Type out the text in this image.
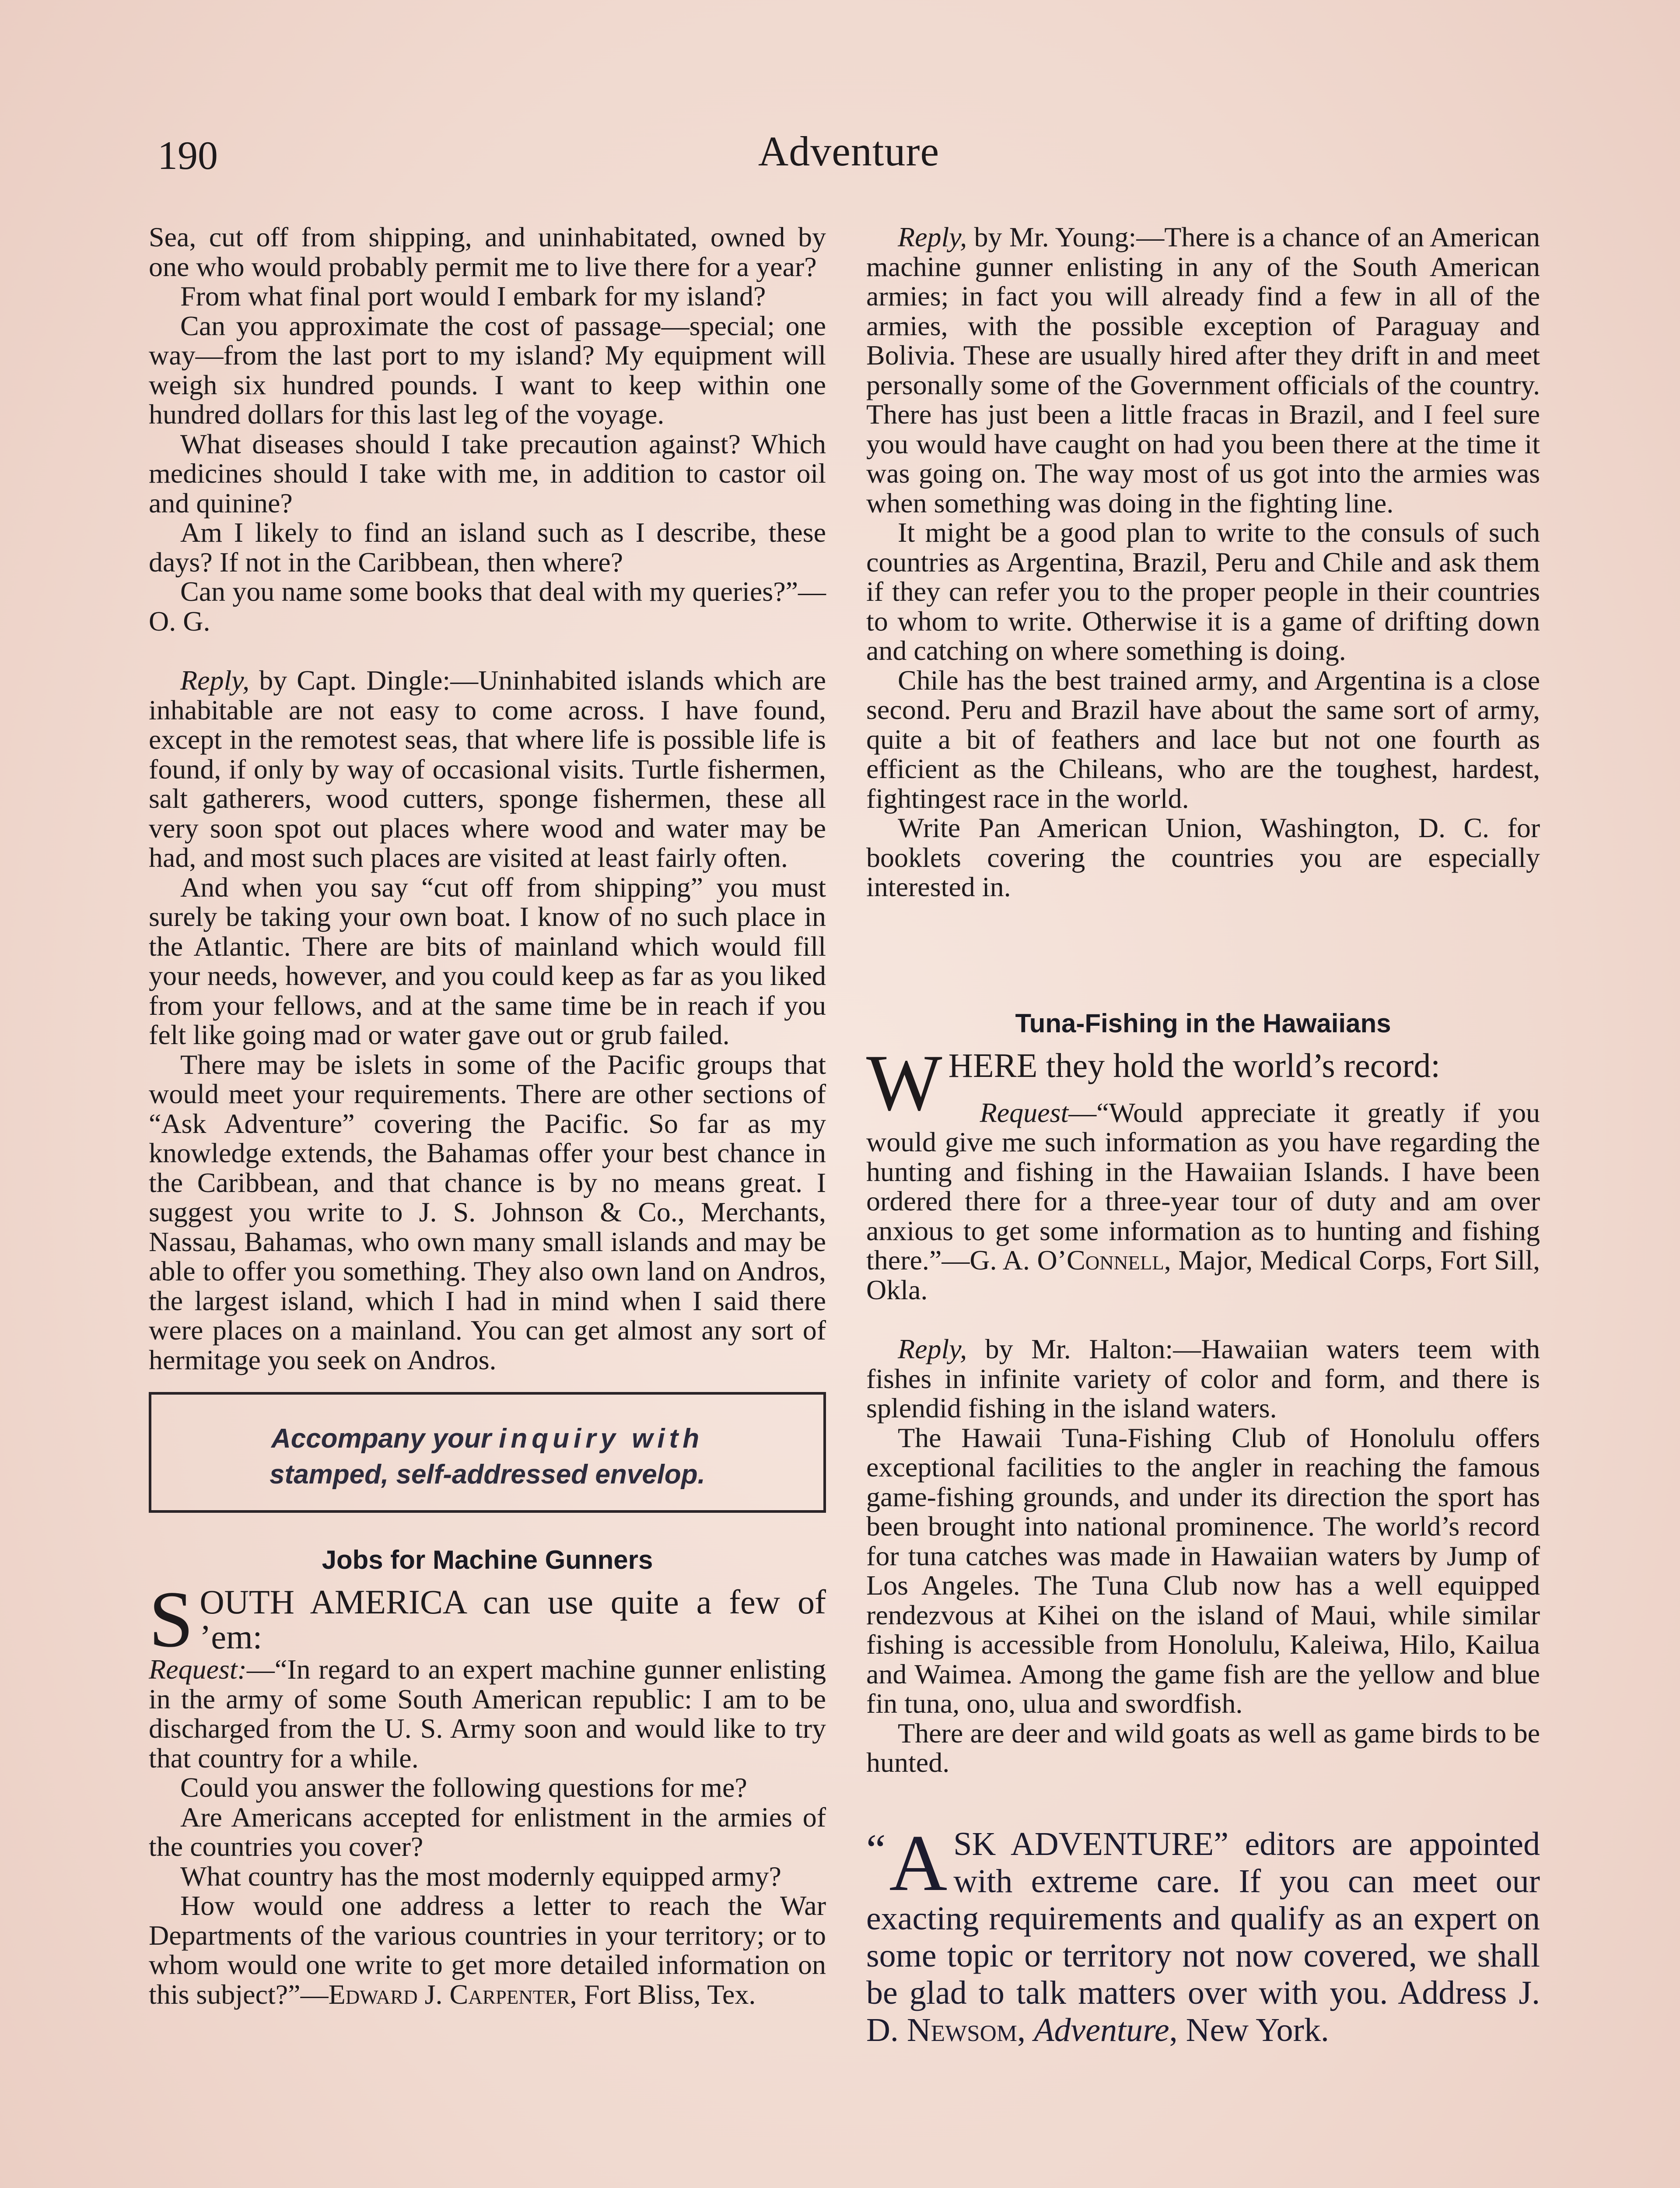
190	Adventure

Sea, cut off from shipping, and uninhabitated, owned by one who would probably permit me to live there for a year?

From what final port would I embark for my island?

Can you approximate the cost of passage—special; one way—from the last port to my island? My equipment will weigh six hundred pounds. I want to keep within one hundred dollars for this last leg of the voyage.

What diseases should I take precaution against? Which medicines should I take with me, in addition to castor oil and quinine?

Am I likely to find an island such as I describe, these days? If not in the Caribbean, then where?

Can you name some books that deal with my queries?”—O. G.

Reply, by Capt. Dingle:—Uninhabited islands which are inhabitable are not easy to come across. I have found, except in the remotest seas, that where life is possible life is found, if only by way of occasional visits. Turtle fishermen, salt gatherers, wood cutters, sponge fishermen, these all very soon spot out places where wood and water may be had, and most such places are visited at least fairly often.

And when you say “cut off from shipping” you must surely be taking your own boat. I know of no such place in the Atlantic. There are bits of mainland which would fill your needs, however, and you could keep as far as you liked from your fellows, and at the same time be in reach if you felt like going mad or water gave out or grub failed.

There may be islets in some of the Pacific groups that would meet your requirements. There are other sections of “Ask Adventure” covering the Pacific. So far as my knowledge extends, the Bahamas offer your best chance in the Caribbean, and that chance is by no means great. I suggest you write to J. S. Johnson & Co., Merchants, Nassau, Bahamas, who own many small islands and may be able to offer you something. They also own land on Andros, the largest island, which I had in mind when I said there were places on a mainland. You can get almost any sort of hermitage you seek on Andros.

Accompany your inquiry with

stamped, self-addressed envelop.

Jobs for Machine Gunners

SOUTH AMERICA can use quite a few of ’em:

Request:—“In regard to an expert machine gunner enlisting in the army of some South American republic: I am to be discharged from the U. S. Army soon and would like to try that country for a while.

Could you answer the following questions for me?

Are Americans accepted for enlistment in the armies of the countries you cover?

What country has the most modernly equipped army?

How would one address a letter to reach the War Departments of the various countries in your territory; or to whom would one write to get more detailed information on this subject?”—Edward J. Carpenter, Fort Bliss, Tex.

Reply, by Mr. Young:—There is a chance of an American machine gunner enlisting in any of the South American armies; in fact you will already find a few in all of the armies, with the possible exception of Paraguay and Bolivia. These are usually hired after they drift in and meet personally some of the Government officials of the country. There has just been a little fracas in Brazil, and I feel sure you would have caught on had you been there at the time it was going on. The way most of us got into the armies was when something was doing in the fighting line.

It might be a good plan to write to the consuls of such countries as Argentina, Brazil, Peru and Chile and ask them if they can refer you to the proper people in their countries to whom to write. Otherwise it is a game of drifting down and catching on where something is doing.

Chile has the best trained army, and Argentina is a close second. Peru and Brazil have about the same sort of army, quite a bit of feathers and lace but not one fourth as efficient as the Chileans, who are the toughest, hardest, fightingest race in the world.

Write Pan American Union, Washington, D. C. for booklets covering the countries you are especially interested in.

Tuna-Fishing in the Hawaiians

WHERE they hold the world’s record:

Request—“Would appreciate it greatly if you would give me such information as you have regarding the hunting and fishing in the Hawaiian Islands. I have been ordered there for a three-year tour of duty and am over anxious to get some information as to hunting and fishing there.”—G. A. O’Connell, Major, Medical Corps, Fort Sill, Okla.

Reply, by Mr. Halton:—Hawaiian waters teem with fishes in infinite variety of color and form, and there is splendid fishing in the island waters.

The Hawaii Tuna-Fishing Club of Honolulu offers exceptional facilities to the angler in reaching the famous game-fishing grounds, and under its direction the sport has been brought into national prominence. The world’s record for tuna catches was made in Hawaiian waters by Jump of Los Angeles. The Tuna Club now has a well equipped rendezvous at Kihei on the island of Maui, while similar fishing is accessible from Honolulu, Kaleiwa, Hilo, Kailua and Waimea. Among the game fish are the yellow and blue fin tuna, ono, ulua and swordfish.

There are deer and wild goats as well as game birds to be hunted.

“ A SK ADVENTURE” editors are appointed with extreme care. If you can meet our exacting requirements and qualify as an expert on some topic or territory not now covered, we shall be glad to talk matters over with you. Address J. D. Newsom, Adventure, New York.
